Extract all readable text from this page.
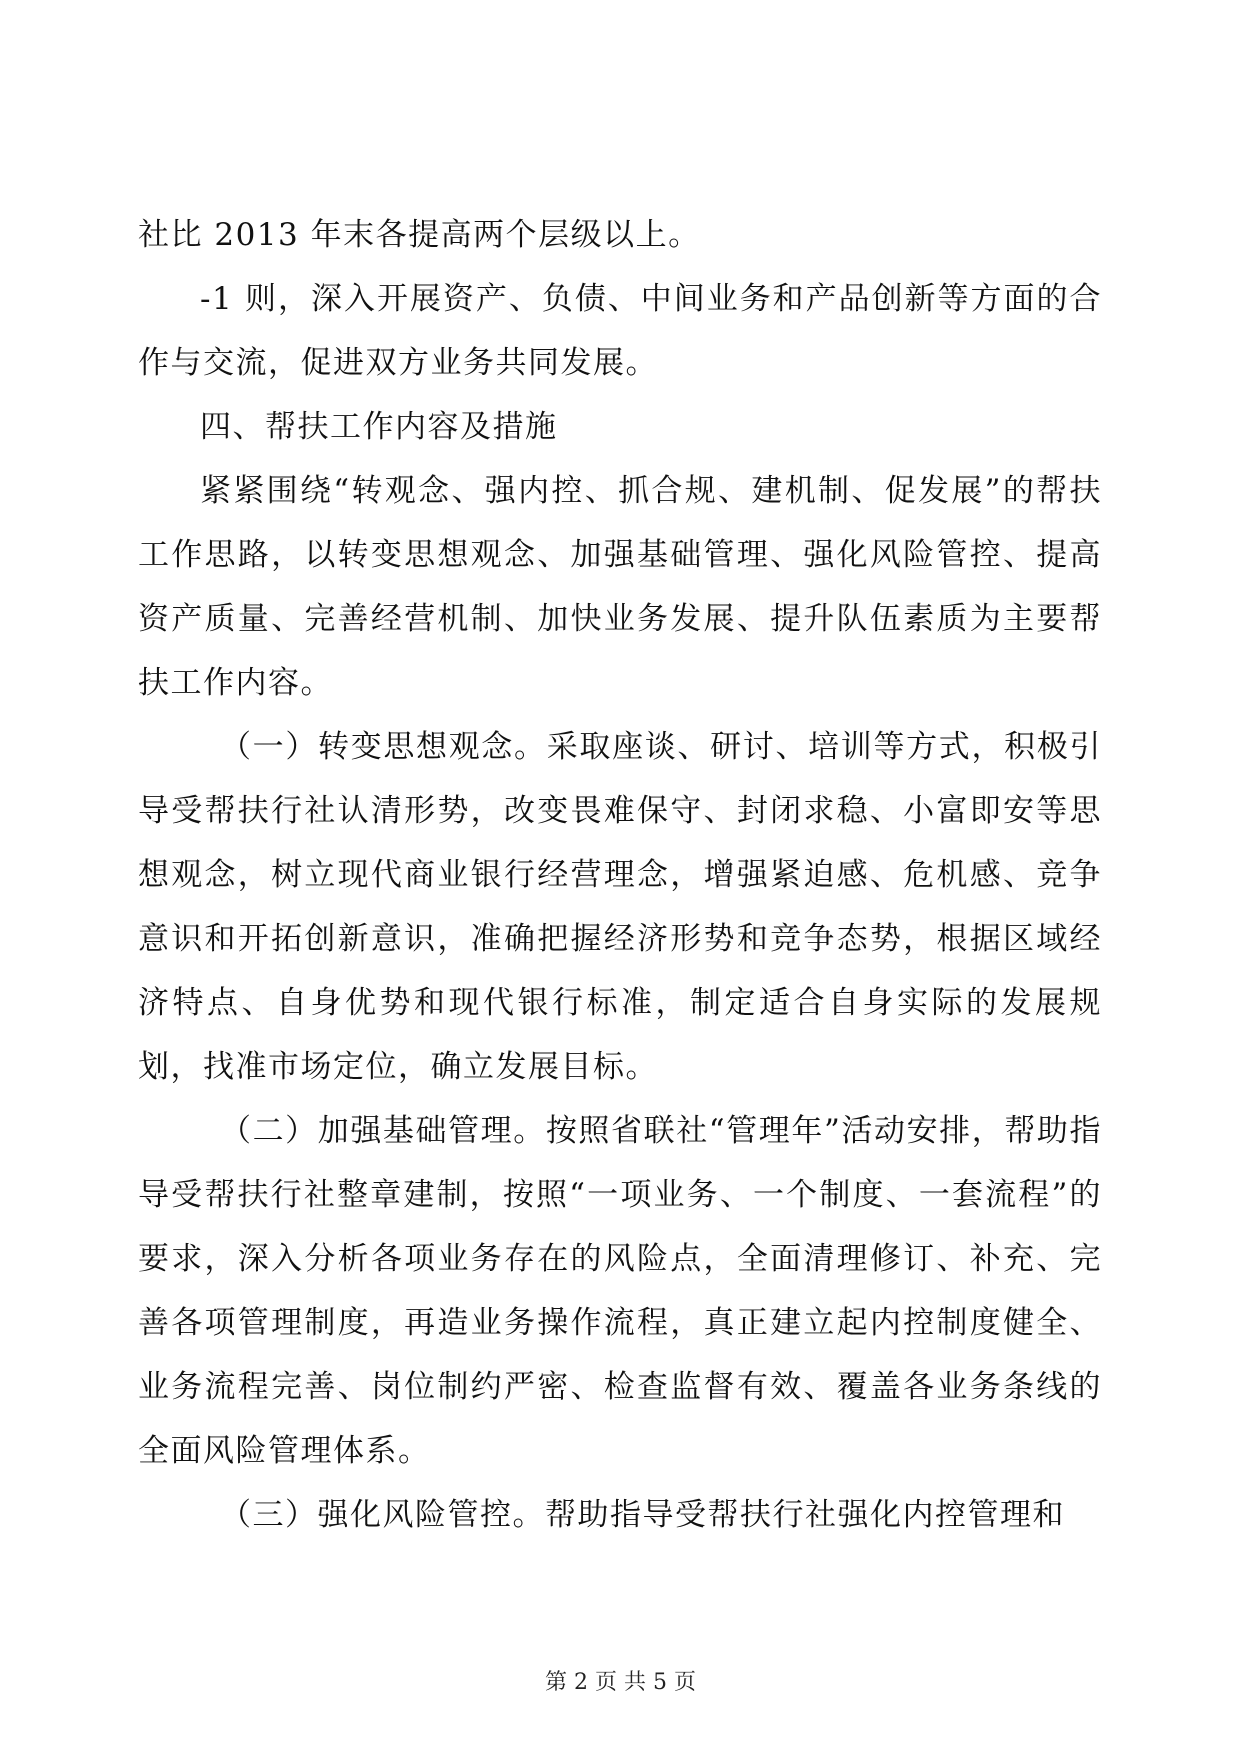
社比 2013 年末各提高两个层级以上。

-1 则，深入开展资产、负债、中间业务和产品创新等方面的合作与交流，促进双方业务共同发展。

四、帮扶工作内容及措施

紧紧围绕“转观念、强内控、抓合规、建机制、促发展”的帮扶工作思路，以转变思想观念、加强基础管理、强化风险管控、提高资产质量、完善经营机制、加快业务发展、提升队伍素质为主要帮扶工作内容。

（一）转变思想观念。采取座谈、研讨、培训等方式，积极引导受帮扶行社认清形势，改变畏难保守、封闭求稳、小富即安等思想观念，树立现代商业银行经营理念，增强紧迫感、危机感、竞争意识和开拓创新意识，准确把握经济形势和竞争态势，根据区域经济特点、自身优势和现代银行标准，制定适合自身实际的发展规划，找准市场定位，确立发展目标。

（二）加强基础管理。按照省联社“管理年”活动安排，帮助指导受帮扶行社整章建制，按照“一项业务、一个制度、一套流程”的要求，深入分析各项业务存在的风险点，全面清理修订、补充、完善各项管理制度，再造业务操作流程，真正建立起内控制度健全、业务流程完善、岗位制约严密、检查监督有效、覆盖各业务条线的全面风险管理体系。

（三）强化风险管控。帮助指导受帮扶行社强化内控管理和

第 2 页 共 5 页
